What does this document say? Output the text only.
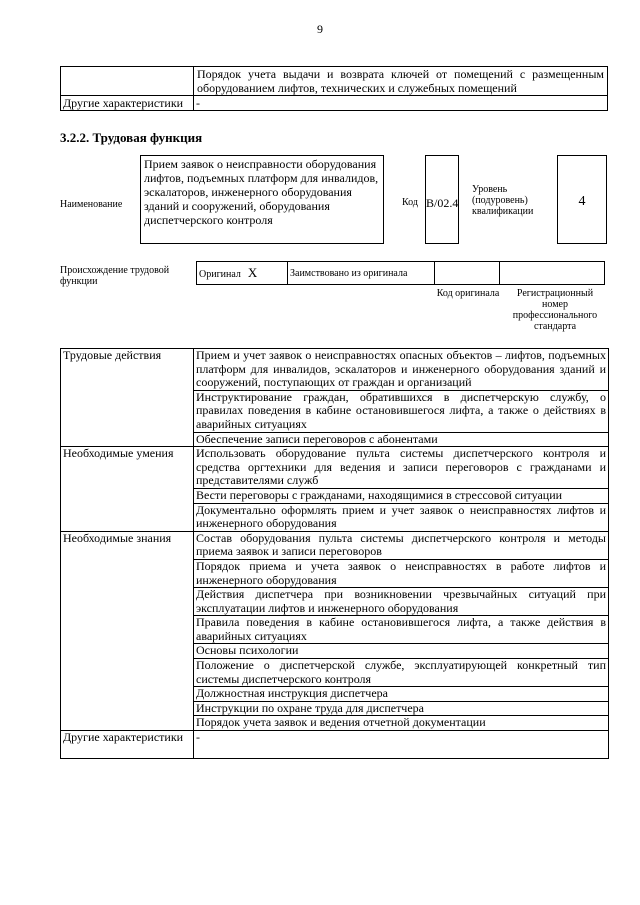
9
	Порядок учета выдачи и возврата ключей от помещений с размещенным оборудованием лифтов, технических и служебных помещений
Другие характеристики	-
3.2.2. Трудовая функция
Наименование
Прием заявок о неисправности оборудования лифтов, подъемных платформ для инвалидов, эскалаторов, инженерного оборудования зданий и сооружений, оборудования диспетчерского контроля
Код В/02.4
Уровень (подуровень) квалификации
4
Происхождение трудовой функции
Оригинал X	Заимствовано из оригинала		
Код оригинала	Регистрационный номер профессионального стандарта
Трудовые действия	Прием и учет заявок о неисправностях опасных объектов – лифтов, подъемных платформ для инвалидов, эскалаторов и инженерного оборудования зданий и сооружений, поступающих от граждан и организаций
	Инструктирование граждан, обратившихся в диспетчерскую службу, о правилах поведения в кабине остановившегося лифта, а также о действиях в аварийных ситуациях
	Обеспечение записи переговоров с абонентами
Необходимые умения	Использовать оборудование пульта системы диспетчерского контроля и средства оргтехники для ведения и записи переговоров с гражданами и представителями служб
	Вести переговоры с гражданами, находящимися в стрессовой ситуации
	Документально оформлять прием и учет заявок о неисправностях лифтов и инженерного оборудования
Необходимые знания	Состав оборудования пульта системы диспетчерского контроля и методы приема заявок и записи переговоров
	Порядок приема и учета заявок о неисправностях в работе лифтов и инженерного оборудования
	Действия диспетчера при возникновении чрезвычайных ситуаций при эксплуатации лифтов и инженерного оборудования
	Правила поведения в кабине остановившегося лифта, а также действия в аварийных ситуациях
	Основы психологии
	Положение о диспетчерской службе, эксплуатирующей конкретный тип системы диспетчерского контроля
	Должностная инструкция диспетчера
	Инструкции по охране труда для диспетчера
	Порядок учета заявок и ведения отчетной документации
Другие характеристики	-
